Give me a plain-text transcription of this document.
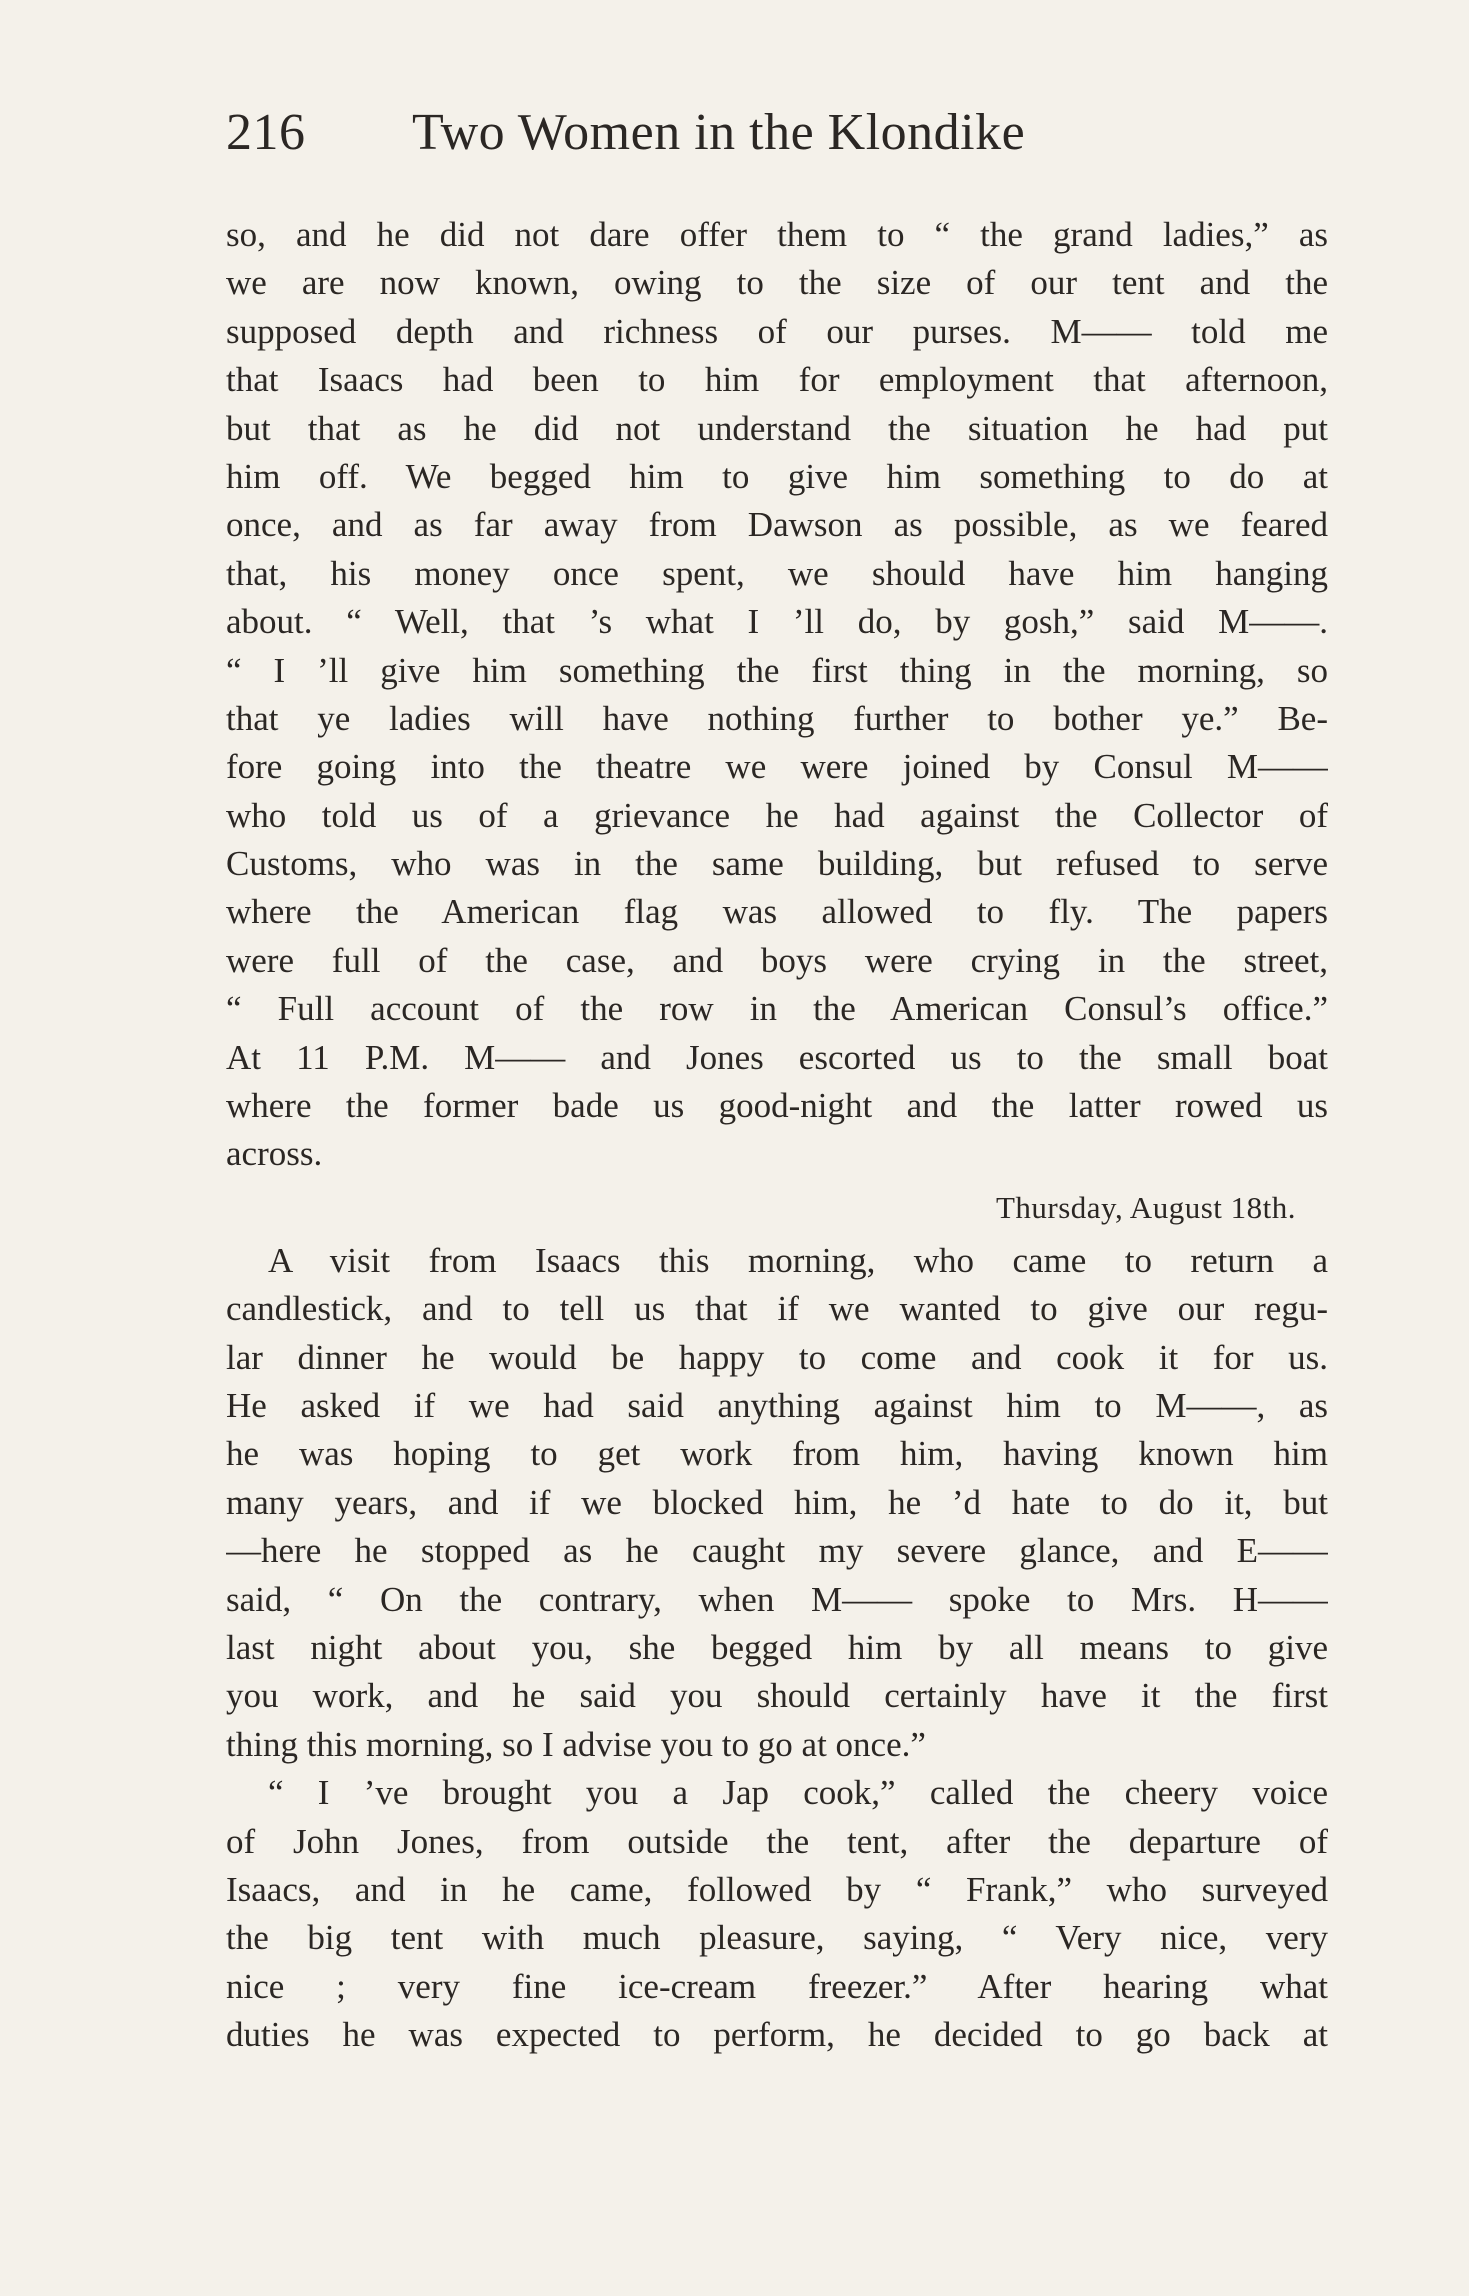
216 Two Women in the Klondike
so, and he did not dare offer them to “ the grand ladies,” as
we are now known, owing to the size of our tent and the
supposed depth and richness of our purses. M—— told me
that Isaacs had been to him for employment that afternoon,
but that as he did not understand the situation he had put
him off. We begged him to give him something to do at
once, and as far away from Dawson as possible, as we feared
that, his money once spent, we should have him hanging
about. “ Well, that ’s what I ’ll do, by gosh,” said M——.
“ I ’ll give him something the first thing in the morning, so
that ye ladies will have nothing further to bother ye.” Be-
fore going into the theatre we were joined by Consul M——
who told us of a grievance he had against the Collector of
Customs, who was in the same building, but refused to serve
where the American flag was allowed to fly. The papers
were full of the case, and boys were crying in the street,
“ Full account of the row in the American Consul’s office.”
At 11 P.M. M—— and Jones escorted us to the small boat
where the former bade us good-night and the latter rowed us
across.
Thursday, August 18th.
A visit from Isaacs this morning, who came to return a
candlestick, and to tell us that if we wanted to give our regu-
lar dinner he would be happy to come and cook it for us.
He asked if we had said anything against him to M——, as
he was hoping to get work from him, having known him
many years, and if we blocked him, he ’d hate to do it, but
—here he stopped as he caught my severe glance, and E——
said, “ On the contrary, when M—— spoke to Mrs. H——
last night about you, she begged him by all means to give
you work, and he said you should certainly have it the first
thing this morning, so I advise you to go at once.”
“ I ’ve brought you a Jap cook,” called the cheery voice
of John Jones, from outside the tent, after the departure of
Isaacs, and in he came, followed by “ Frank,” who surveyed
the big tent with much pleasure, saying, “ Very nice, very
nice ; very fine ice-cream freezer.” After hearing what
duties he was expected to perform, he decided to go back at
